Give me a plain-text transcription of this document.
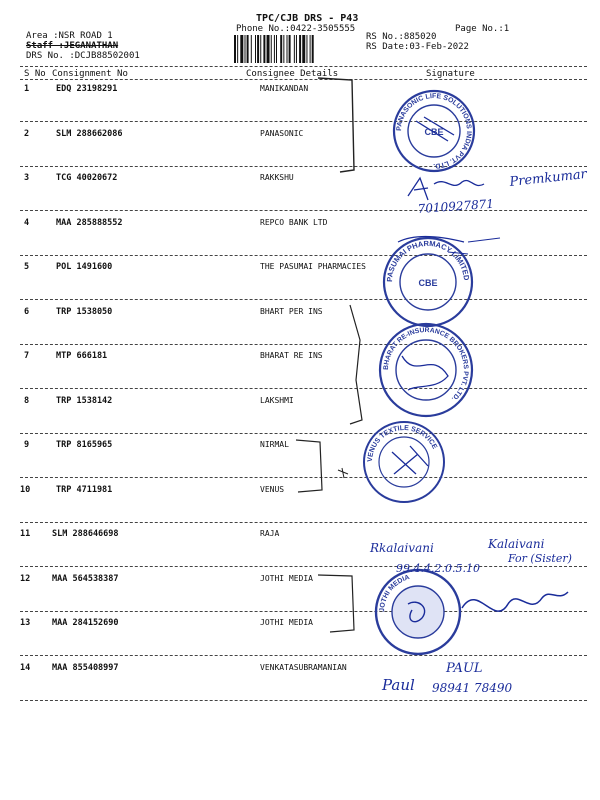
TPC/CJB DRS - P43
Phone No.:0422-3505555	Page No.:1
Area :NSR ROAD 1
Staff :JEGANATHAN
DRS No. :DCJB88502001
RS No.:885020
RS Date:03-Feb-2022
S No Consignment No	Consignee Details	Signature
1	EDQ 23198291	MANIKANDAN
2	SLM 288662086	PANASONIC
3	TCG 40020672	RAKKSHU
4	MAA 285888552	REPCO BANK LTD
5	POL 1491600	THE PASUMAI PHARMACIES
6	TRP 1538050	BHART PER INS
7	MTP 666181	BHARAT RE INS
8	TRP 1538142	LAKSHMI
9	TRP 8165965	NIRMAL
10	TRP 4711981	VENUS
11	SLM 288646698	RAJA
12	MAA 564538387	JOTHI MEDIA
13	MAA 284152690	JOTHI MEDIA
14	MAA 855408997	VENKATASUBRAMANIAN
PANASONIC LIFE SOLUTIONS INDIA PVT. LTD.
CBE
PASUMAI PHARMACY LIMITED
CBE
BHARAT RE-INSURANCE BROKERS PVT. LTD.
VENUS TEXTILE SERVICE
JOTHI MEDIA
7010927871
Premkumar
Rkalaivani	Kalaivani
For (Sister)
99.4.4.2.0.5.10
Paul
PAUL
98941 78490
